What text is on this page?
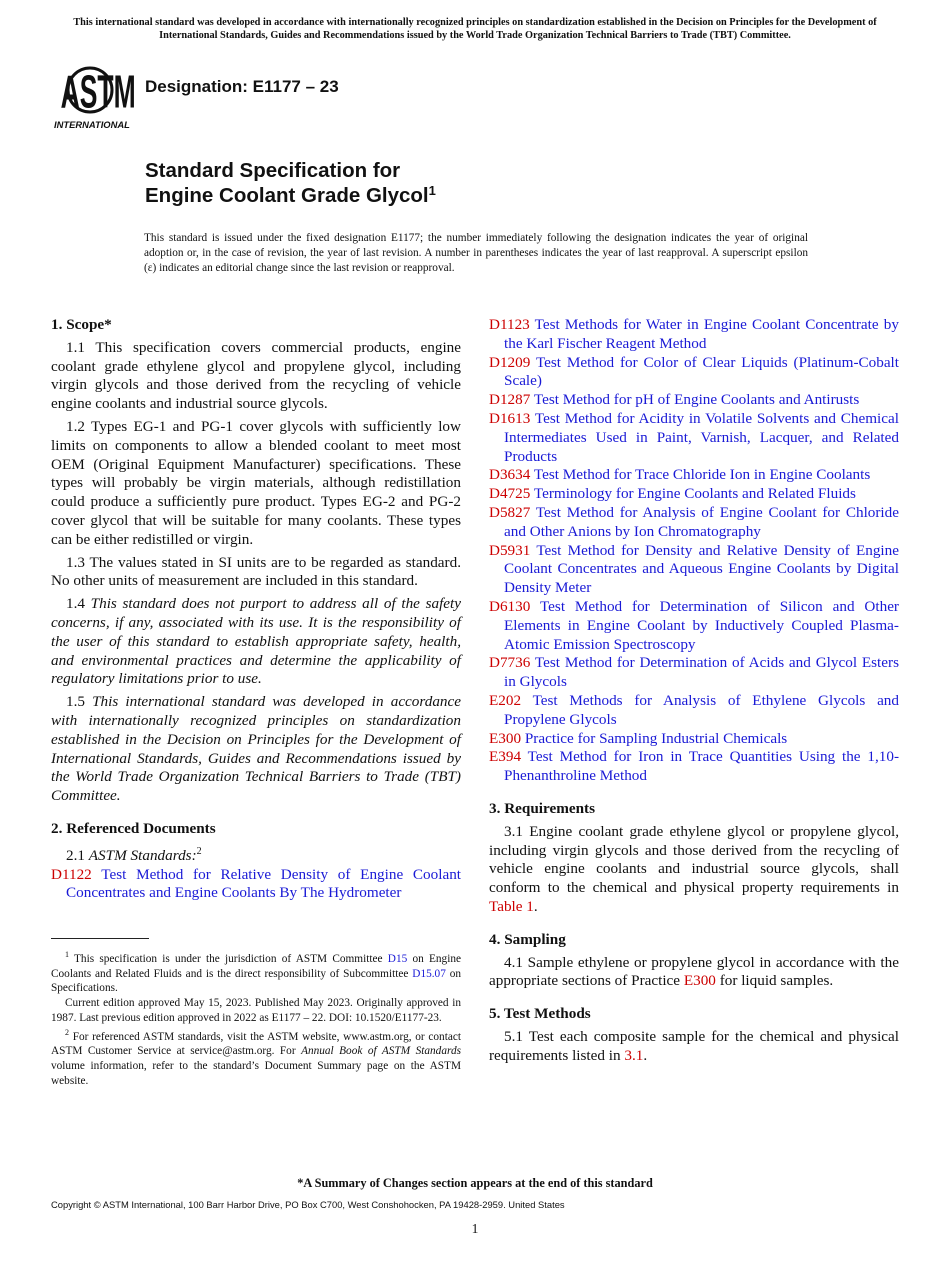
This international standard was developed in accordance with internationally recognized principles on standardization established in the Decision on Principles for the Development of International Standards, Guides and Recommendations issued by the World Trade Organization Technical Barriers to Trade (TBT) Committee.
ASTM
INTERNATIONAL
Designation: E1177 – 23
Standard Specification for
Engine Coolant Grade Glycol$^1$
This standard is issued under the fixed designation E1177; the number immediately following the designation indicates the year of original adoption or, in the case of revision, the year of last revision. A number in parentheses indicates the year of last reapproval. A superscript epsilon (ε) indicates an editorial change since the last revision or reapproval.
1. Scope*

1.1 This specification covers commercial products, engine coolant grade ethylene glycol and propylene glycol, including virgin glycols and those derived from the recycling of vehicle engine coolants and industrial source glycols.

1.2 Types EG-1 and PG-1 cover glycols with sufficiently low limits on components to allow a blended coolant to meet most OEM (Original Equipment Manufacturer) specifications. These types will probably be virgin materials, although redistillation could produce a sufficiently pure product. Types EG-2 and PG-2 cover glycol that will be suitable for many coolants. These types can be either redistilled or virgin.

1.3 The values stated in SI units are to be regarded as standard. No other units of measurement are included in this standard.

1.4 This standard does not purport to address all of the safety concerns, if any, associated with its use. It is the responsibility of the user of this standard to establish appropriate safety, health, and environmental practices and determine the applicability of regulatory limitations prior to use.

1.5 This international standard was developed in accordance with internationally recognized principles on standardization established in the Decision on Principles for the Development of International Standards, Guides and Recommendations issued by the World Trade Organization Technical Barriers to Trade (TBT) Committee.

2. Referenced Documents

2.1 ASTM Standards:$^2$

D1122 Test Method for Relative Density of Engine Coolant Concentrates and Engine Coolants By The Hydrometer

D1123 Test Methods for Water in Engine Coolant Concentrate by the Karl Fischer Reagent Method

D1209 Test Method for Color of Clear Liquids (Platinum-Cobalt Scale)

D1287 Test Method for pH of Engine Coolants and Antirusts

D1613 Test Method for Acidity in Volatile Solvents and Chemical Intermediates Used in Paint, Varnish, Lacquer, and Related Products

D3634 Test Method for Trace Chloride Ion in Engine Coolants

D4725 Terminology for Engine Coolants and Related Fluids

D5827 Test Method for Analysis of Engine Coolant for Chloride and Other Anions by Ion Chromatography

D5931 Test Method for Density and Relative Density of Engine Coolant Concentrates and Aqueous Engine Coolants by Digital Density Meter

D6130 Test Method for Determination of Silicon and Other Elements in Engine Coolant by Inductively Coupled Plasma-Atomic Emission Spectroscopy

D7736 Test Method for Determination of Acids and Glycol Esters in Glycols

E202 Test Methods for Analysis of Ethylene Glycols and Propylene Glycols

E300 Practice for Sampling Industrial Chemicals

E394 Test Method for Iron in Trace Quantities Using the 1,10-Phenanthroline Method

3. Requirements

3.1 Engine coolant grade ethylene glycol or propylene glycol, including virgin glycols and those derived from the recycling of vehicle engine coolants and industrial source glycols, shall conform to the chemical and physical property requirements in Table 1.

4. Sampling

4.1 Sample ethylene or propylene glycol in accordance with the appropriate sections of Practice E300 for liquid samples.

5. Test Methods

5.1 Test each composite sample for the chemical and physical requirements listed in 3.1.

$^1$ This specification is under the jurisdiction of ASTM Committee D15 on Engine Coolants and Related Fluids and is the direct responsibility of Subcommittee D15.07 on Specifications.

Current edition approved May 15, 2023. Published May 2023. Originally approved in 1987. Last previous edition approved in 2022 as E1177 – 22. DOI: 10.1520/E1177-23.

$^2$ For referenced ASTM standards, visit the ASTM website, www.astm.org, or contact ASTM Customer Service at service@astm.org. For Annual Book of ASTM Standards volume information, refer to the standard’s Document Summary page on the ASTM website.

*A Summary of Changes section appears at the end of this standard
Copyright © ASTM International, 100 Barr Harbor Drive, PO Box C700, West Conshohocken, PA 19428-2959. United States
1
